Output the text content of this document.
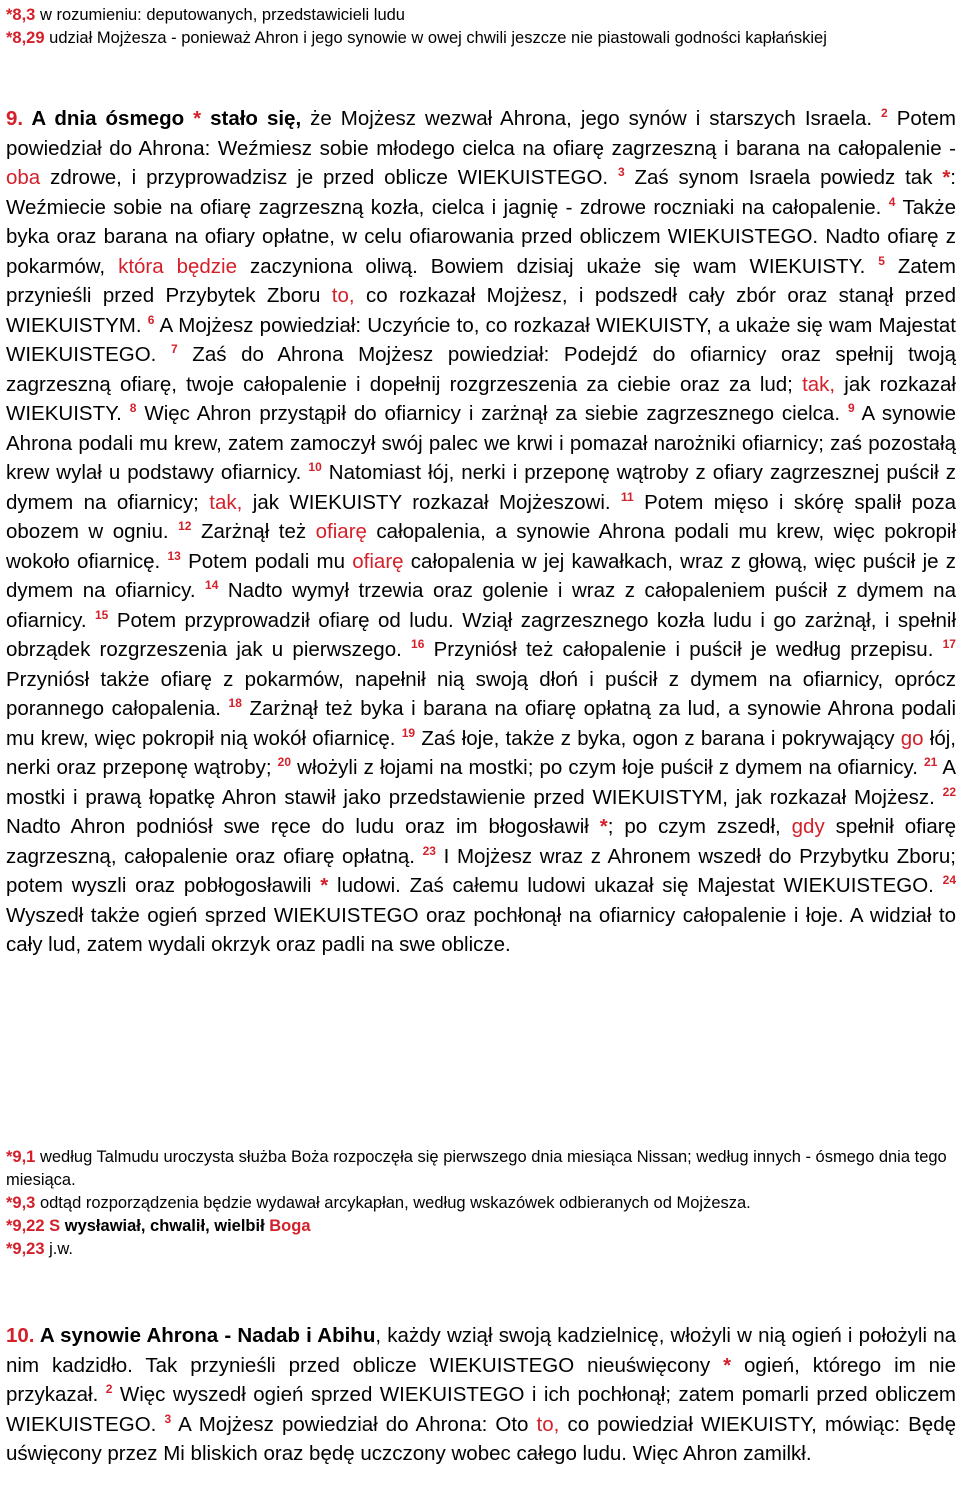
*8,3 w rozumieniu: deputowanych, przedstawicieli ludu
*8,29 udział Mojżesza - ponieważ Ahron i jego synowie w owej chwili jeszcze nie piastowali godności kapłańskiej

9. A dnia ósmego * stało się, że Mojżesz wezwał Ahrona, jego synów i starszych Israela. $^2$ Potem powiedział do Ahrona: Weźmiesz sobie młodego cielca na ofiarę zagrzeszną i barana na całopalenie - oba zdrowe, i przyprowadzisz je przed oblicze WIEKUISTEGO. $^3$ Zaś synom Israela powiedz tak *: Weźmiecie sobie na ofiarę zagrzeszną kozła, cielca i jagnię - zdrowe roczniaki na całopalenie. $^4$ Także byka oraz barana na ofiary opłatne, w celu ofiarowania przed obliczem WIEKUISTEGO. Nadto ofiarę z pokarmów, która będzie zaczyniona oliwą. Bowiem dzisiaj ukaże się wam WIEKUISTY. $^5$ Zatem przynieśli przed Przybytek Zboru to, co rozkazał Mojżesz, i podszedł cały zbór oraz stanął przed WIEKUISTYM. $^6$ A Mojżesz powiedział: Uczyńcie to, co rozkazał WIEKUISTY, a ukaże się wam Majestat WIEKUISTEGO. $^7$ Zaś do Ahrona Mojżesz powiedział: Podejdź do ofiarnicy oraz spełnij twoją zagrzeszną ofiarę, twoje całopalenie i dopełnij rozgrzeszenia za ciebie oraz za lud; tak, jak rozkazał WIEKUISTY. $^8$ Więc Ahron przystąpił do ofiarnicy i zarżnął za siebie zagrzesznego cielca. $^9$ A synowie Ahrona podali mu krew, zatem zamoczył swój palec we krwi i pomazał narożniki ofiarnicy; zaś pozostałą krew wylał u podstawy ofiarnicy. $^{10}$ Natomiast łój, nerki i przeponę wątroby z ofiary zagrzesznej puścił z dymem na ofiarnicy; tak, jak WIEKUISTY rozkazał Mojżeszowi. $^{11}$ Potem mięso i skórę spalił poza obozem w ogniu. $^{12}$ Zarżnął też ofiarę całopalenia, a synowie Ahrona podali mu krew, więc pokropił wokoło ofiarnicę. $^{13}$ Potem podali mu ofiarę całopalenia w jej kawałkach, wraz z głową, więc puścił je z dymem na ofiarnicy. $^{14}$ Nadto wymył trzewia oraz golenie i wraz z całopaleniem puścił z dymem na ofiarnicy. $^{15}$ Potem przyprowadził ofiarę od ludu. Wziął zagrzesznego kozła ludu i go zarżnął, i spełnił obrządek rozgrzeszenia jak u pierwszego. $^{16}$ Przyniósł też całopalenie i puścił je według przepisu. $^{17}$ Przyniósł także ofiarę z pokarmów, napełnił nią swoją dłoń i puścił z dymem na ofiarnicy, oprócz porannego całopalenia. $^{18}$ Zarżnął też byka i barana na ofiarę opłatną za lud, a synowie Ahrona podali mu krew, więc pokropił nią wokół ofiarnicę. $^{19}$ Zaś łoje, także z byka, ogon z barana i pokrywający go łój, nerki oraz przeponę wątroby; $^{20}$ włożyli z łojami na mostki; po czym łoje puścił z dymem na ofiarnicy. $^{21}$ A mostki i prawą łopatkę Ahron stawił jako przedstawienie przed WIEKUISTYM, jak rozkazał Mojżesz. $^{22}$ Nadto Ahron podniósł swe ręce do ludu oraz im błogosławił *; po czym zszedł, gdy spełnił ofiarę zagrzeszną, całopalenie oraz ofiarę opłatną. $^{23}$ I Mojżesz wraz z Ahronem wszedł do Przybytku Zboru; potem wyszli oraz pobłogosławili * ludowi. Zaś całemu ludowi ukazał się Majestat WIEKUISTEGO. $^{24}$ Wyszedł także ogień sprzed WIEKUISTEGO oraz pochłonął na ofiarnicy całopalenie i łoje. A widział to cały lud, zatem wydali okrzyk oraz padli na swe oblicze.

*9,1 według Talmudu uroczysta służba Boża rozpoczęła się pierwszego dnia miesiąca Nissan; według innych - ósmego dnia tego miesiąca.
*9,3 odtąd rozporządzenia będzie wydawał arcykapłan, według wskazówek odbieranych od Mojżesza.
*9,22 S wysławiał, chwalił, wielbił Boga
*9,23 j.w.

10. A synowie Ahrona - Nadab i Abihu, każdy wziął swoją kadzielnicę, włożyli w nią ogień i położyli na nim kadzidło. Tak przynieśli przed oblicze WIEKUISTEGO nieuświęcony * ogień, którego im nie przykazał. $^2$ Więc wyszedł ogień sprzed WIEKUISTEGO i ich pochłonął; zatem pomarli przed obliczem WIEKUISTEGO. $^3$ A Mojżesz powiedział do Ahrona: Oto to, co powiedział WIEKUISTY, mówiąc: Będę uświęcony przez Mi bliskich oraz będę uczczony wobec całego ludu. Więc Ahron zamilkł.
